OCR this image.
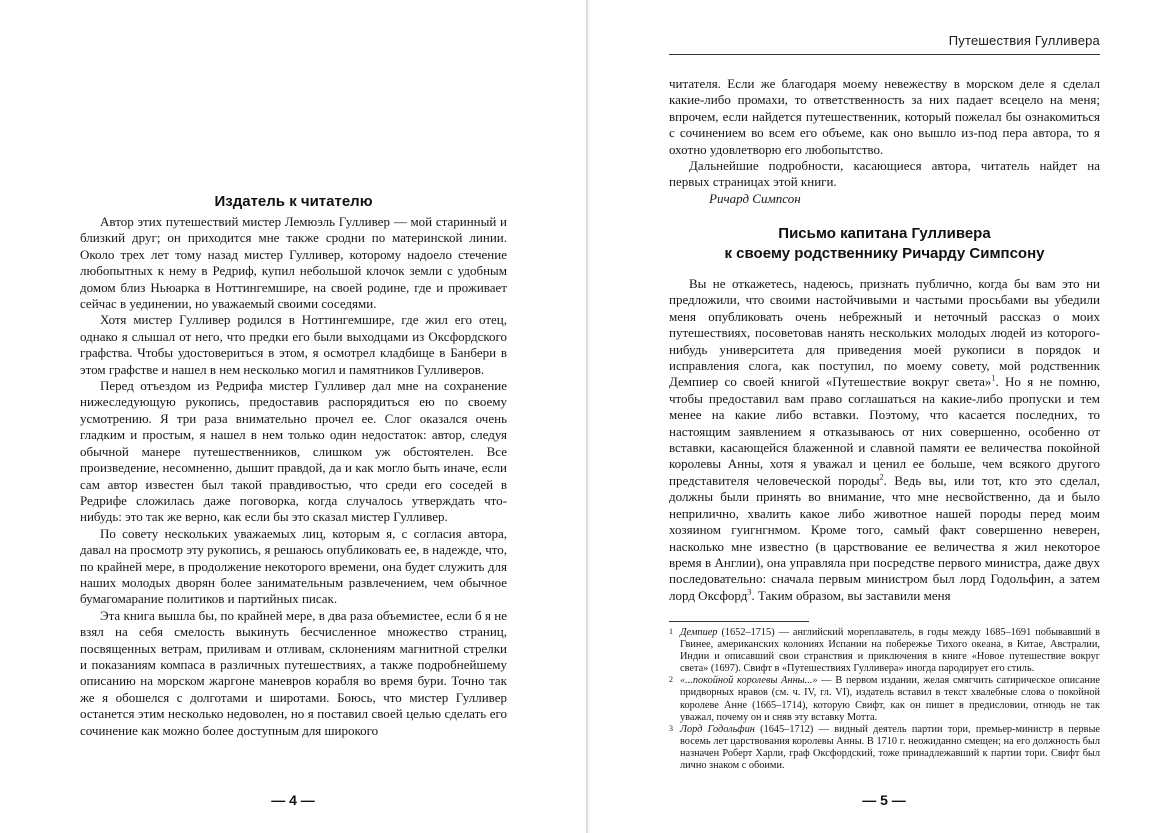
Издатель к читателю

Автор этих путешествий мистер Лемюэль Гулливер — мой старинный и близкий друг; он приходится мне также сродни по материнской линии. Около трех лет тому назад мистер Гулливер, которому надоело стечение любопытных к нему в Редриф, купил небольшой клочок земли с удобным домом близ Ньюарка в Ноттингемшире, на своей родине, где и проживает сейчас в уединении, но уважаемый своими соседями.

Хотя мистер Гулливер родился в Ноттингемшире, где жил его отец, однако я слышал от него, что предки его были выходцами из Оксфордского графства. Чтобы удостовериться в этом, я осмотрел кладбище в Банбери в этом графстве и нашел в нем несколько могил и памятников Гулливеров.

Перед отъездом из Редрифа мистер Гулливер дал мне на сохранение нижеследующую рукопись, предоставив распорядиться ею по своему усмотрению. Я три раза внимательно прочел ее. Слог оказался очень гладким и простым, я нашел в нем только один недостаток: автор, следуя обычной манере путешественников, слишком уж обстоятелен. Все произведение, несомненно, дышит правдой, да и как могло быть иначе, если сам автор известен был такой правдивостью, что среди его соседей в Редрифе сложилась даже поговорка, когда случалось утверждать что-нибудь: это так же верно, как если бы это сказал мистер Гулливер.

По совету нескольких уважаемых лиц, которым я, с согласия автора, давал на просмотр эту рукопись, я решаюсь опубликовать ее, в надежде, что, по крайней мере, в продолжение некоторого времени, она будет служить для наших молодых дворян более занимательным развлечением, чем обычное бумагомарание политиков и партийных писак.

Эта книга вышла бы, по крайней мере, в два раза объемистее, если б я не взял на себя смелость выкинуть бесчисленное множество страниц, посвященных ветрам, приливам и отливам, склонениям магнитной стрелки и показаниям компаса в различных путешествиях, а также подробнейшему описанию на морском жаргоне маневров корабля во время бури. Точно так же я обошелся с долготами и широтами. Боюсь, что мистер Гулливер останется этим несколько недоволен, но я поставил своей целью сделать его сочинение как можно более доступным для широкого

— 4 —
Путешествия Гулливера

читателя. Если же благодаря моему невежеству в морском деле я сделал какие-либо промахи, то ответственность за них падает всецело на меня; впрочем, если найдется путешественник, который пожелал бы ознакомиться с сочинением во всем его объеме, как оно вышло из-под пера автора, то я охотно удовлетворю его любопытство.

Дальнейшие подробности, касающиеся автора, читатель найдет на первых страницах этой книги.

Ричард Симпсон

Письмо капитана Гулливера
к своему родственнику Ричарду Симпсону

Вы не откажетесь, надеюсь, признать публично, когда бы вам это ни предложили, что своими настойчивыми и частыми просьбами вы убедили меня опубликовать очень небрежный и неточный рассказ о моих путешествиях, посоветовав нанять нескольких молодых людей из которого-нибудь университета для приведения моей рукописи в порядок и исправления слога, как поступил, по моему совету, мой родственник Демпиер со своей книгой «Путешествие вокруг света»$^1$. Но я не помню, чтобы предоставил вам право соглашаться на какие-либо пропуски и тем менее на какие либо вставки. Поэтому, что касается последних, то настоящим заявлением я отказываюсь от них совершенно, особенно от вставки, касающейся блаженной и славной памяти ее величества покойной королевы Анны, хотя я уважал и ценил ее больше, чем всякого другого представителя человеческой породы$^2$. Ведь вы, или тот, кто это сделал, должны были принять во внимание, что мне несвойственно, да и было неприлично, хвалить какое либо животное нашей породы перед моим хозяином гуигнгнмом. Кроме того, самый факт совершенно неверен, насколько мне известно (в царствование ее величества я жил некоторое время в Англии), она управляла при посредстве первого министра, даже двух последовательно: сначала первым министром был лорд Годольфин, а затем лорд Оксфорд$^3$. Таким образом, вы заставили меня

1 Демпиер (1652–1715) — английский мореплаватель, в годы между 1685–1691 побывавший в Гвинее, американских колониях Испании на побережье Тихого океана, в Китае, Австралии, Индии и описавший свои странствия и приключения в книге «Новое путешествие вокруг света» (1697). Свифт в «Путешествиях Гулливера» иногда пародирует его стиль.
2 «...покойной королевы Анны...» — В первом издании, желая смягчить сатирическое описание придворных нравов (см. ч. IV, гл. VI), издатель вставил в текст хвалебные слова о покойной королеве Анне (1665–1714), которую Свифт, как он пишет в предисловии, отнюдь не так уважал, почему он и сняв эту вставку Мотта.
3 Лорд Годольфин (1645–1712) — видный деятель партии тори, премьер-министр в первые восемь лет царствования королевы Анны. В 1710 г. неожиданно смещен; на его должность был назначен Роберт Харли, граф Оксфордский, тоже принадлежавший к партии тори. Свифт был лично знаком с обоими.
— 5 —
